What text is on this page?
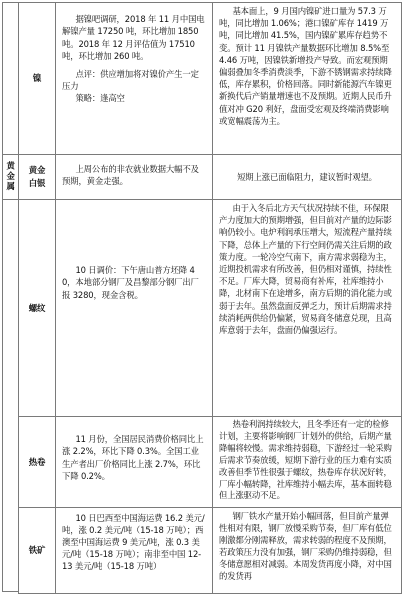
黄金属
镍
据镍吧调研，2018 年 11 月中国电解镍产量 17250 吨，环比增加 1850 吨。2018 年 12 月评估值为 17510 吨，环比增加 260 吨。
点评：供应增加将对镍价产生一定压力
策略：逢高空
基本面上，9 月国内镍矿进口量为 57.3 万吨，同比增加 1.06%；港口镍矿库存 1419 万吨，同比增加 41.5%，国内镍矿累库存趋势不变。预计 11 月镍铁产量数据环比增加 8.5%至 4.46 万吨，因镍铁新增投产导致。而宏观预期偏弱叠加冬季消费淡季，下游不锈钢需求持续降低，库存累积，价格回落。同时新能源汽车镍更新换代后产销量增速也不及预期。近期人民币升值对冲 G20 利好，盘面受宏观及终端消费影响或宽幅震荡为主。
黄金白银
上周公布的非农就业数据大幅不及预期，黄金走强。	短期上涨已面临阻力，建议暂时观望。
螺纹
10 日调价：下午唐山普方坯降 40，本地部分钢厂及昌黎部分钢厂出厂报 3280，现金含税。
由于入冬后北方天气状况持续不佳，环保限产力度加大的预期增强，但目前对产量的边际影响仍较小。电炉利润承压增大，短流程产量持续下降，总体上产量的下行空间仍需关注后期的政策力度。一轮冷空气南下，南方需求弱稳为主，近期投机需求有所改善，但仍相对谨慎，持续性不足。厂库大降，贸易商有补库，社库维持小降，北材南下在途增多，南方后期的消化能力或弱于去年。虽然盘面反弹乏力，预计后期需求持续消耗两供给仍偏紧，贸易商冬储意兑现，且高库意弱于去年，盘面仍偏强运行。
热卷
11 月份，全国居民消费价格同比上涨 2.2%，环比下降 0.3%。全国工业生产者出厂价格同比上涨 2.7%，环比下降 0.2%。
热卷利润持续较大，且冬季还有一定的检修计划，主要将影响钢厂计划外的供给，后期产量降幅将较慢。需求维持弱稳，下游经过一轮采购后需求节奏放缓，短期下游行业的压力难有实质改善但季节性很强于螺纹，热卷库存状况好转，厂库小幅转降，社库维持小幅去库，基本面转稳但上涨驱动不足。
铁矿
10 日巴西至中国海运费 16.2 美元/吨，涨 0.2 美元/吨（15-18 万吨）；西澳至中国海运费 9 美元/吨，涨 0.3 美元/吨（15-18 万吨）；南非至中国 12-13 美元/吨（15-18 万吨）
钢厂铁水产量开始小幅回落，但目前产量弹性相对有限，钢厂放慢采购节奏，但厂库有低位刚激都分刚需释放，需求转弱的程度不及预期，若政策压力没有加强，钢厂采购仍维持弱稳，但冬储意愿相对减弱。本周发货再度小降，对中国的发货再
